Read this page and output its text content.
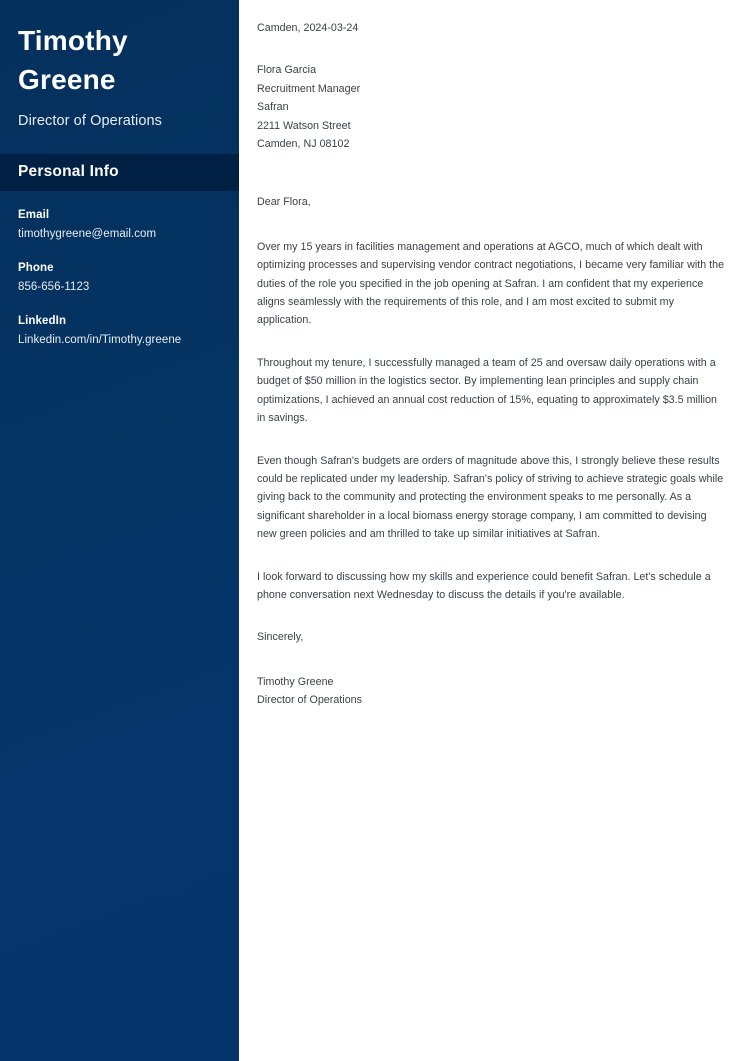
Timothy
Greene
Director of Operations
Personal Info
Email
timothygreene@email.com
Phone
856-656-1123
LinkedIn
Linkedin.com/in/Timothy.greene
Camden, 2024-03-24
Flora Garcia
Recruitment Manager
Safran
2211 Watson Street
Camden, NJ 08102
Dear Flora,

Over my 15 years in facilities management and operations at AGCO, much of which dealt with optimizing processes and supervising vendor contract negotiations, I became very familiar with the duties of the role you specified in the job opening at Safran. I am confident that my experience aligns seamlessly with the requirements of this role, and I am most excited to submit my application.

Throughout my tenure, I successfully managed a team of 25 and oversaw daily operations with a budget of $50 million in the logistics sector. By implementing lean principles and supply chain optimizations, I achieved an annual cost reduction of 15%, equating to approximately $3.5 million in savings.

Even though Safran's budgets are orders of magnitude above this, I strongly believe these results could be replicated under my leadership. Safran's policy of striving to achieve strategic goals while giving back to the community and protecting the environment speaks to me personally. As a significant shareholder in a local biomass energy storage company, I am committed to devising new green policies and am thrilled to take up similar initiatives at Safran.

I look forward to discussing how my skills and experience could benefit Safran. Let's schedule a phone conversation next Wednesday to discuss the details if you're available.

Sincerely,
Timothy Greene
Director of Operations
